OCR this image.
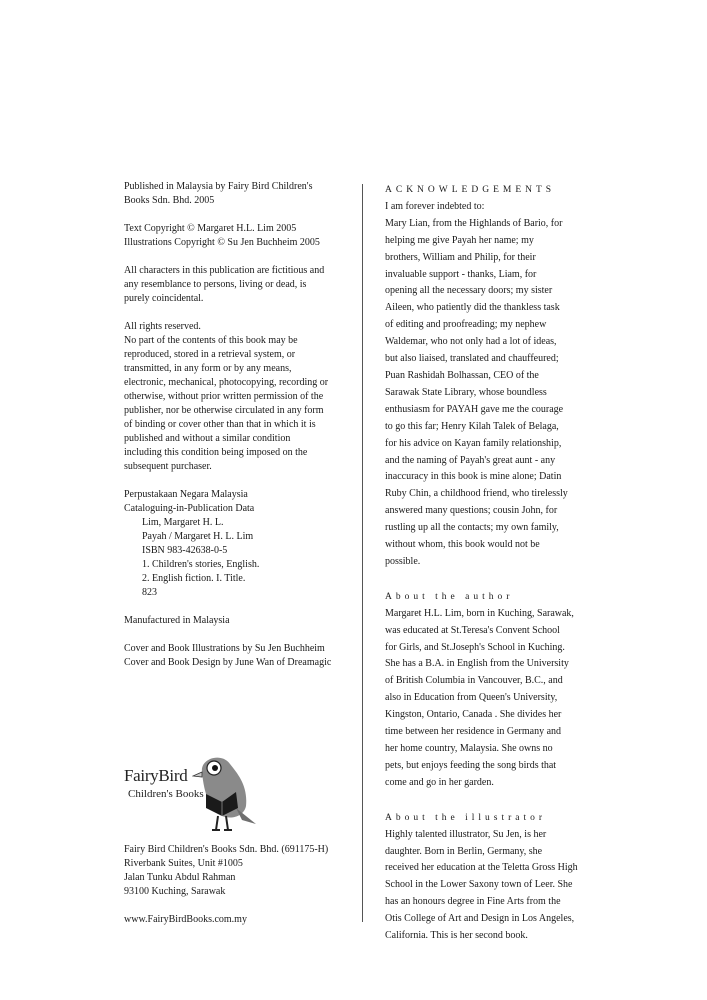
Published in Malaysia by Fairy Bird Children's
Books Sdn. Bhd. 2005
Text Copyright © Margaret H.L. Lim 2005
Illustrations Copyright © Su Jen Buchheim 2005
All characters in this publication are fictitious and
any resemblance to persons, living or dead, is
purely coincidental.
All rights reserved.
No part of the contents of this book may be
reproduced, stored in a retrieval system, or
transmitted, in any form or by any means,
electronic, mechanical, photocopying, recording or
otherwise, without prior written permission of the
publisher, nor be otherwise circulated in any form
of binding or cover other than that in which it is
published and without a similar condition
including this condition being imposed on the
subsequent purchaser.
Perpustakaan Negara Malaysia
Cataloguing-in-Publication Data
Lim, Margaret H. L.
Payah / Margaret H. L. Lim
ISBN 983-42638-0-5
1. Children's stories, English.
2. English fiction. I. Title.
823
Manufactured in Malaysia
Cover and Book Illustrations by Su Jen Buchheim
Cover and Book Design by June Wan of Dreamagic
FairyBird
Children's Books
Fairy Bird Children's Books Sdn. Bhd. (691175-H)
Riverbank Suites, Unit #1005
Jalan Tunku Abdul Rahman
93100 Kuching, Sarawak
www.FairyBirdBooks.com.my
ACKNOWLEDGEMENTS
I am forever indebted to:
Mary Lian, from the Highlands of Bario, for
helping me give Payah her name; my
brothers, William and Philip, for their
invaluable support - thanks, Liam, for
opening all the necessary doors; my sister
Aileen, who patiently did the thankless task
of editing and proofreading; my nephew
Waldemar, who not only had a lot of ideas,
but also liaised, translated and chauffeured;
Puan Rashidah Bolhassan, CEO of the
Sarawak State Library, whose boundless
enthusiasm for PAYAH gave me the courage
to go this far; Henry Kilah Talek of Belaga,
for his advice on Kayan family relationship,
and the naming of Payah's great aunt - any
inaccuracy in this book is mine alone; Datin
Ruby Chin, a childhood friend, who tirelessly
answered many questions; cousin John, for
rustling up all the contacts; my own family,
without whom, this book would not be
possible.
About the author
Margaret H.L. Lim, born in Kuching, Sarawak,
was educated at St.Teresa's Convent School
for Girls, and St.Joseph's School in Kuching.
She has a B.A. in English from the University
of British Columbia in Vancouver, B.C., and
also in Education from Queen's University,
Kingston, Ontario, Canada . She divides her
time between her residence in Germany and
her home country, Malaysia. She owns no
pets, but enjoys feeding the song birds that
come and go in her garden.
About the illustrator
Highly talented illustrator, Su Jen, is her
daughter. Born in Berlin, Germany, she
received her education at the Teletta Gross High
School in the Lower Saxony town of Leer. She
has an honours degree in Fine Arts from the
Otis College of Art and Design in Los Angeles,
California. This is her second book.
